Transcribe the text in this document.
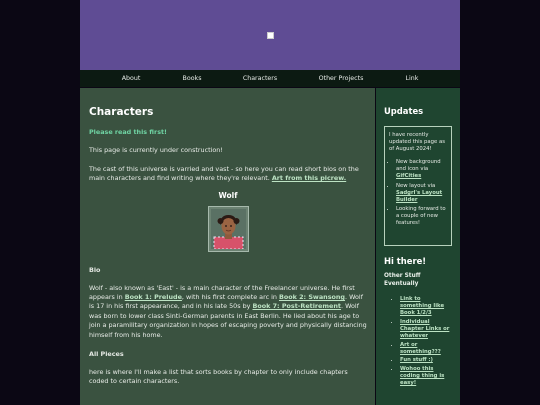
About	Books	Characters	Other Projects	Link
Characters

Please read this first!

This page is currently under construction!

The cast of this universe is varried and vast - so here you can read short bios on the main characters and find writing where they're relevant. Art from this picrew.

Wolf
Bio

Wolf - also known as 'East' - is a main character of the Freelancer universe. He first appears in Book 1: Prelude, with his first complete arc in Book 2: Swansong. Wolf is 17 in his first appearance, and in his late 50s by Book 7: Post-Retirement. Wolf was born to lower class Sinti-German parents in East Berlin. He lied about his age to join a paramilitary organization in hopes of escaping poverty and physically distancing himself from his home.

All Pieces

here is where I'll make a list that sorts books by chapter to only include chapters coded to certain characters.

Updates
I have recently updated this page as of August 2024!
• New background and icon via GifCities
• New layout via Sadgrl's Layout Builder
• Looking forward to a couple of new features!
Hi there!
Other Stuff Eventually
• Link to something like Book 1/2/3
• Individual Chapter Links or whatever
• Art or something???
• Fun stuff :)
• Wohoo this coding thing is easy!
